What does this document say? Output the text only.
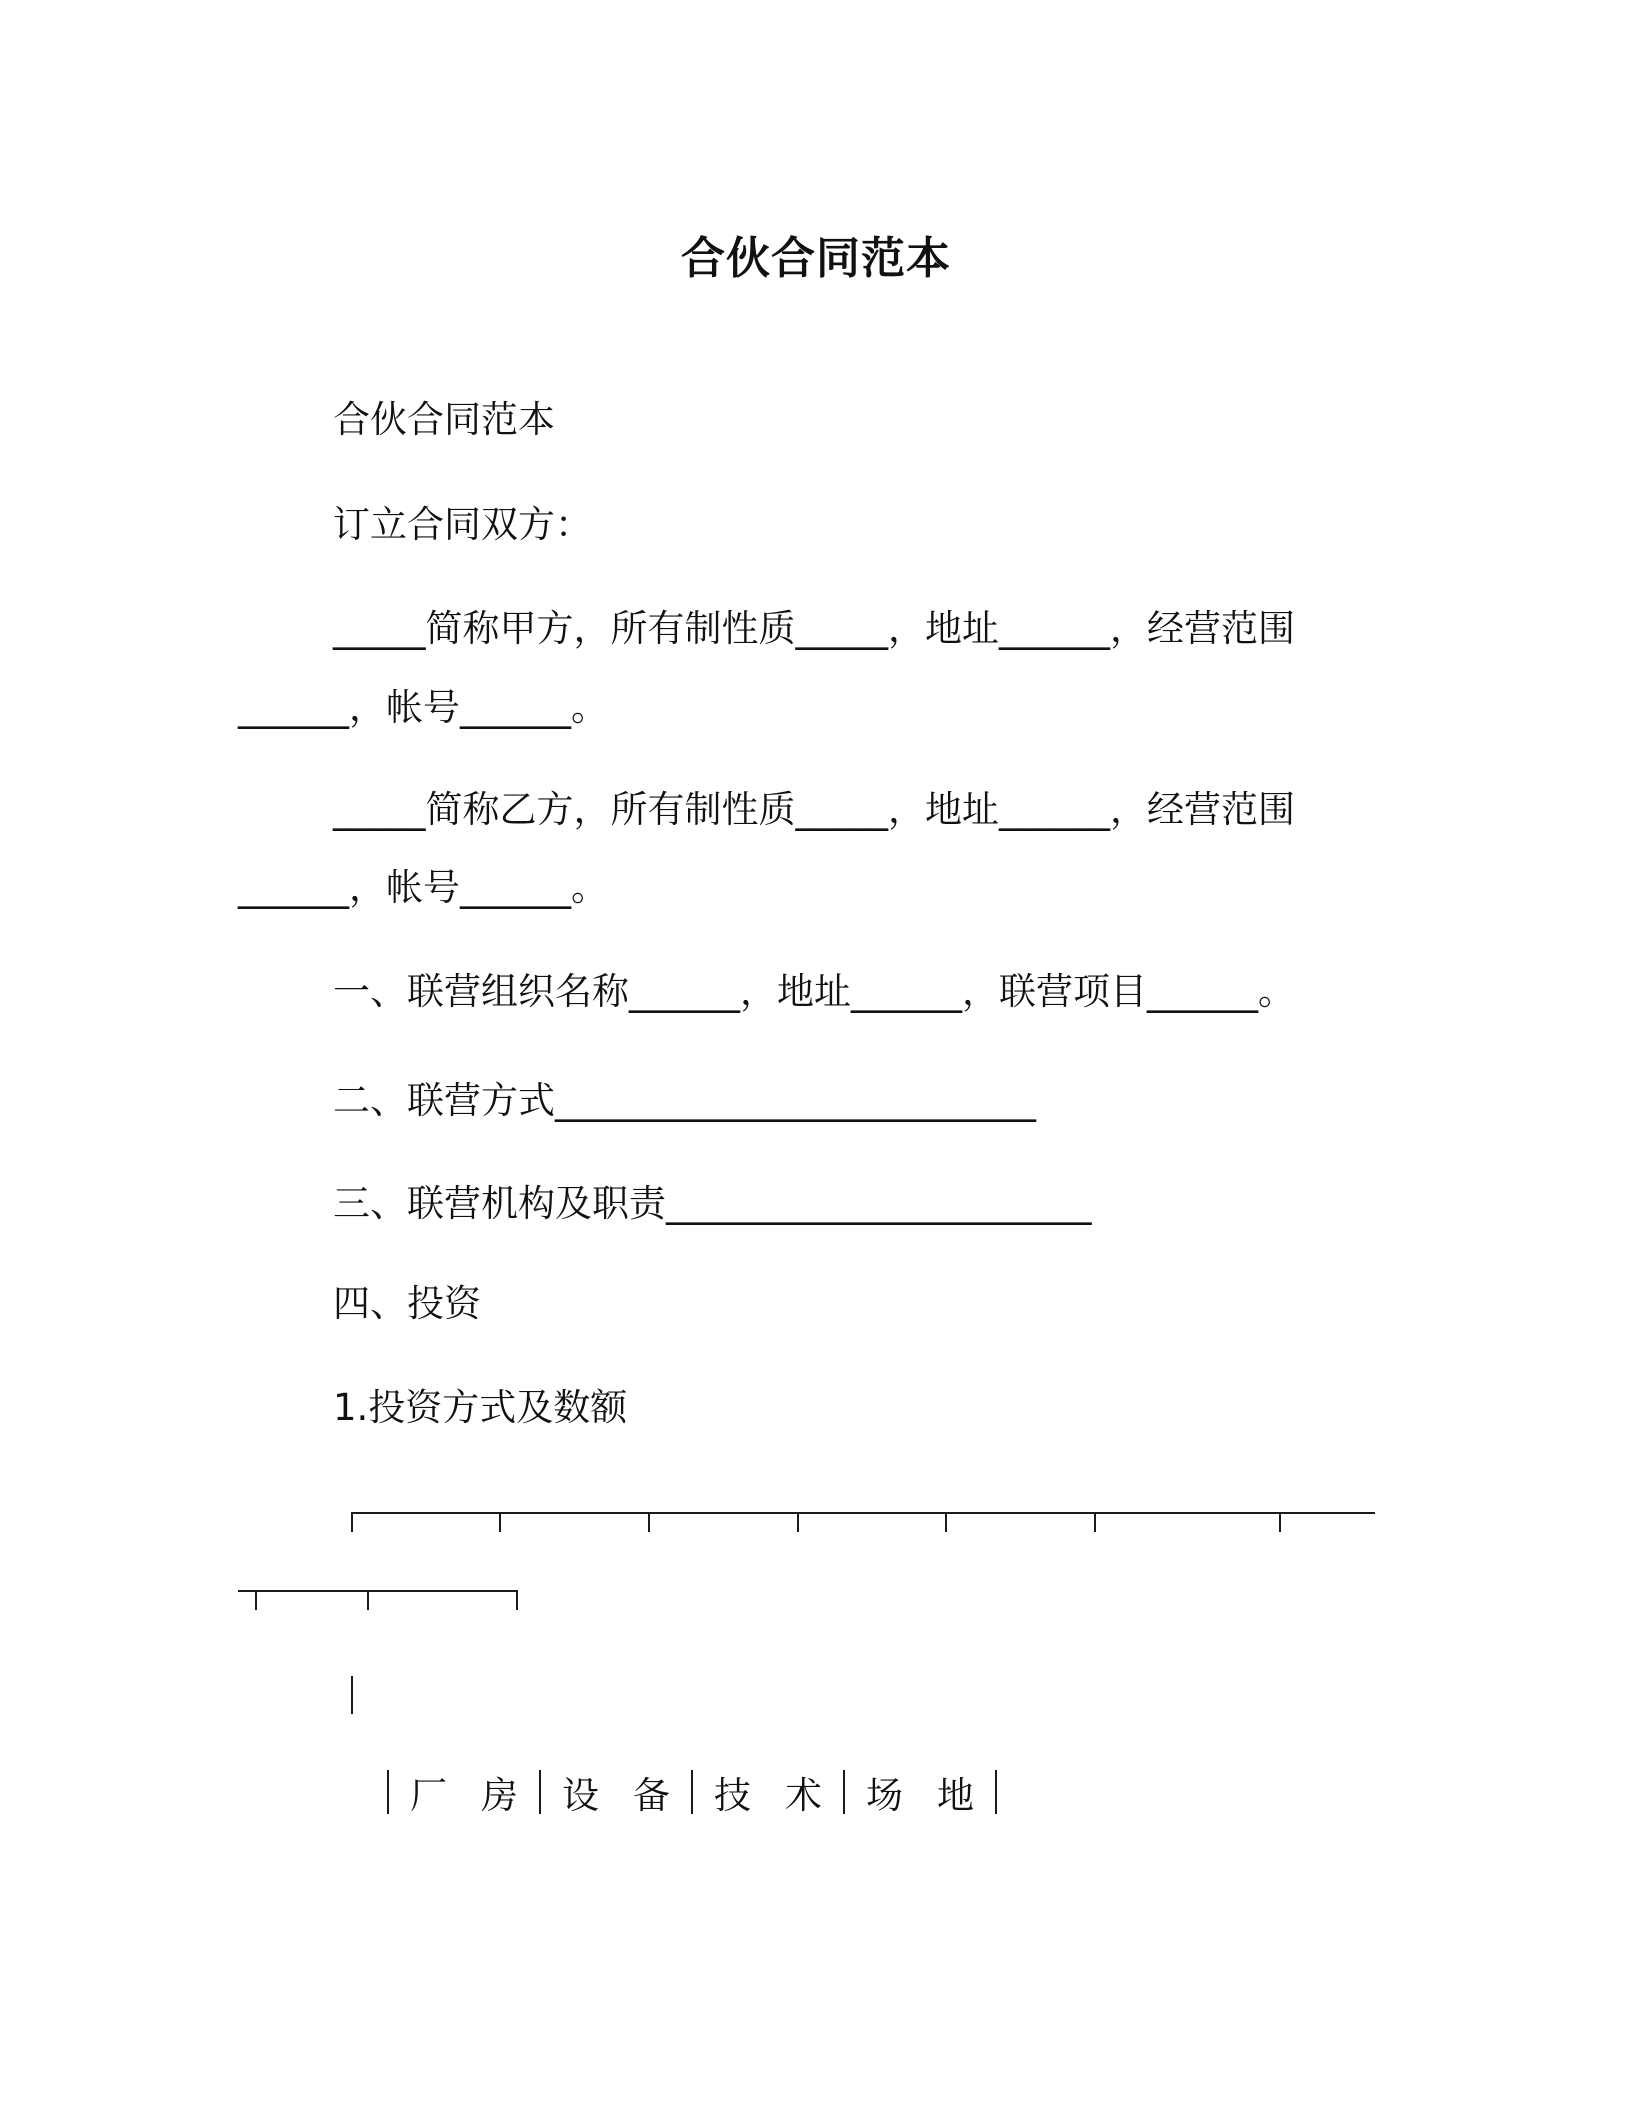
合伙合同范本
合伙合同范本
订立合同双方：
_____简称甲方，所有制性质_____，地址______，经营范围
______，帐号______。
_____简称乙方，所有制性质_____，地址______，经营范围
______，帐号______。
一、联营组织名称______，地址______，联营项目______。
二、联营方式__________________________
三、联营机构及职责_______________________
四、投资
1.投资方式及数额
厂房 设备 技术 场地
